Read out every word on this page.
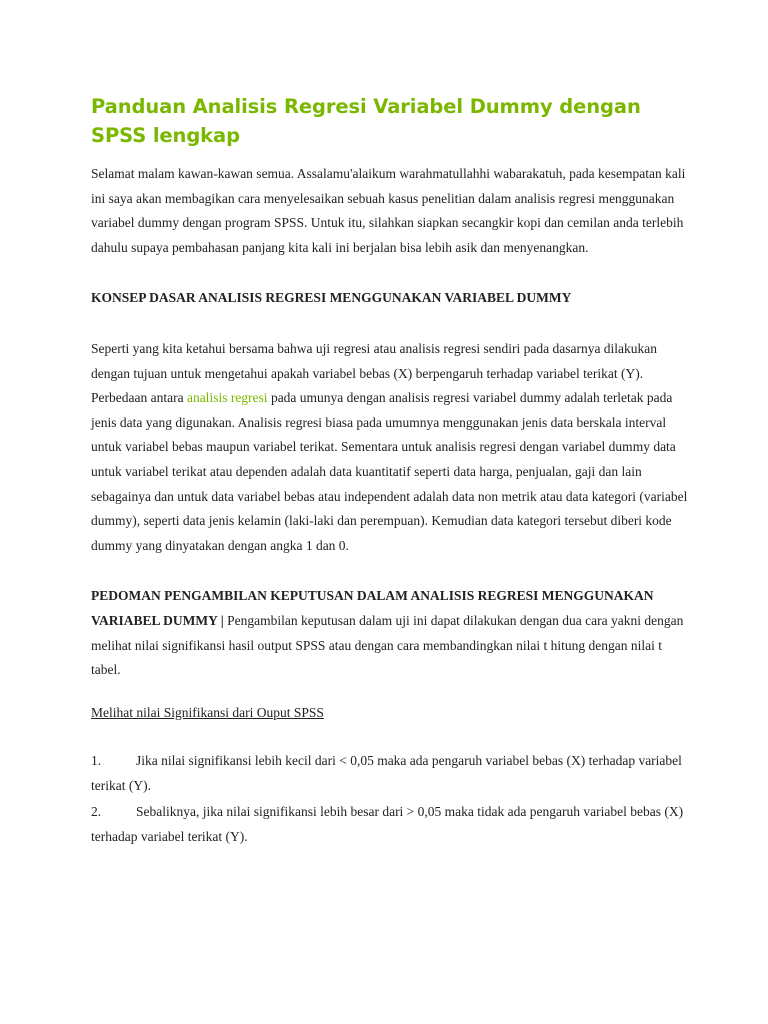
Panduan Analisis Regresi Variabel Dummy dengan SPSS lengkap

Selamat malam kawan-kawan semua. Assalamu'alaikum warahmatullahhi wabarakatuh, pada kesempatan kali ini saya akan membagikan cara menyelesaikan sebuah kasus penelitian dalam analisis regresi menggunakan variabel dummy dengan program SPSS. Untuk itu, silahkan siapkan secangkir kopi dan cemilan anda terlebih dahulu supaya pembahasan panjang kita kali ini berjalan bisa lebih asik dan menyenangkan.

KONSEP DASAR ANALISIS REGRESI MENGGUNAKAN VARIABEL DUMMY

Seperti yang kita ketahui bersama bahwa uji regresi atau analisis regresi sendiri pada dasarnya dilakukan dengan tujuan untuk mengetahui apakah variabel bebas (X) berpengaruh terhadap variabel terikat (Y). Perbedaan antara analisis regresi pada umunya dengan analisis regresi variabel dummy adalah terletak pada jenis data yang digunakan. Analisis regresi biasa pada umumnya menggunakan jenis data berskala interval untuk variabel bebas maupun variabel terikat. Sementara untuk analisis regresi dengan variabel dummy data untuk variabel terikat atau dependen adalah data kuantitatif seperti data harga, penjualan, gaji dan lain sebagainya dan untuk data variabel bebas atau independent adalah data non metrik atau data kategori (variabel dummy), seperti data jenis kelamin (laki-laki dan perempuan). Kemudian data kategori tersebut diberi kode dummy yang dinyatakan dengan angka 1 dan 0.

PEDOMAN PENGAMBILAN KEPUTUSAN DALAM ANALISIS REGRESI MENGGUNAKAN VARIABEL DUMMY | Pengambilan keputusan dalam uji ini dapat dilakukan dengan dua cara yakni dengan melihat nilai signifikansi hasil output SPSS atau dengan cara membandingkan nilai t hitung dengan nilai t tabel.

Melihat nilai Signifikansi dari Ouput SPSS

1.	Jika nilai signifikansi lebih kecil dari < 0,05 maka ada pengaruh variabel bebas (X) terhadap variabel terikat (Y).

2.	Sebaliknya, jika nilai signifikansi lebih besar dari > 0,05 maka tidak ada pengaruh variabel bebas (X) terhadap variabel terikat (Y).
